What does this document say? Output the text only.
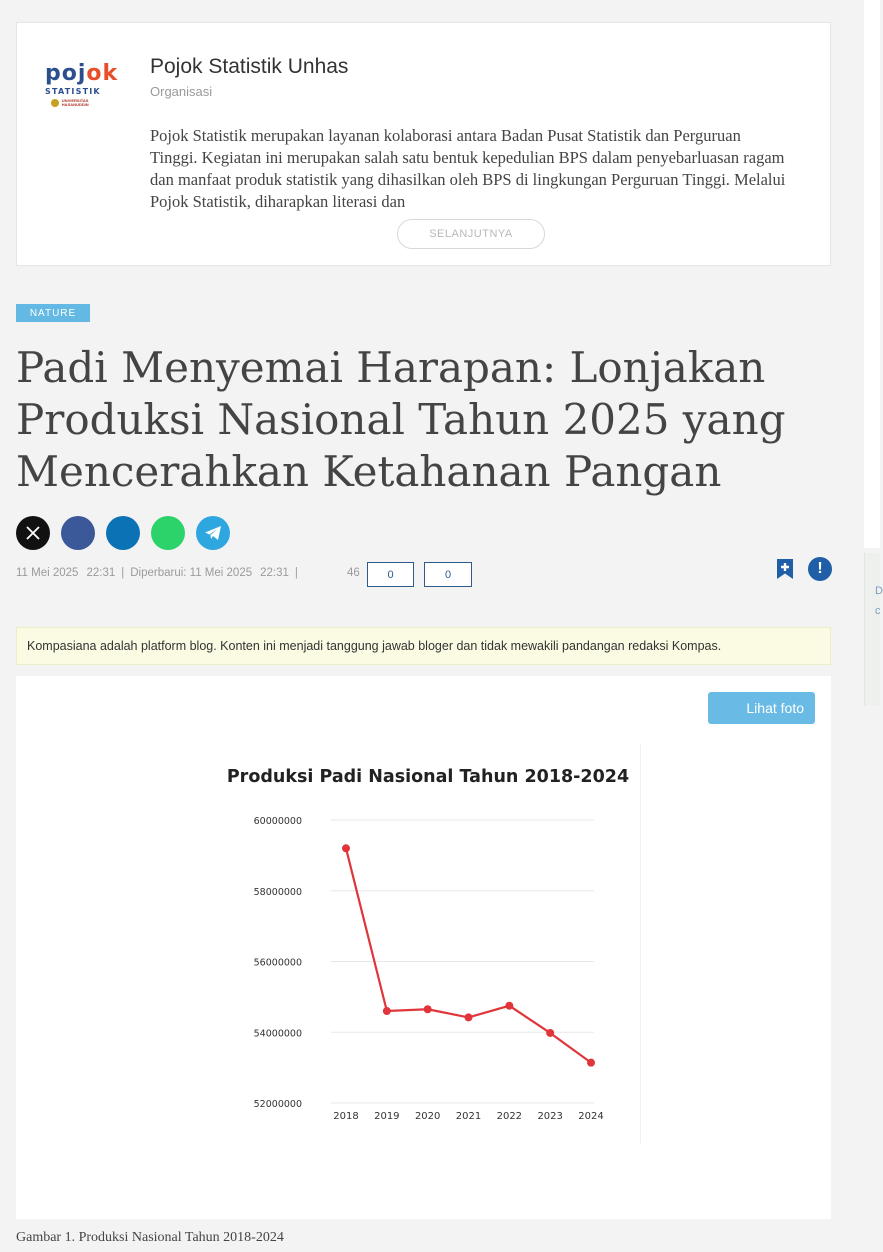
D
c
pojok
STATISTIK
UNIVERSITAS HASANUDDIN
Pojok Statistik Unhas
Organisasi
Pojok Statistik merupakan layanan kolaborasi antara Badan Pusat Statistik dan Perguruan Tinggi. Kegiatan ini merupakan salah satu bentuk kepedulian BPS dalam penyebarluasan ragam dan manfaat produk statistik yang dihasilkan oleh BPS di lingkungan Perguruan Tinggi. Melalui Pojok Statistik, diharapkan literasi dan
SELANJUTNYA
NATURE
Padi Menyemai Harapan: Lonjakan Produksi Nasional Tahun 2025 yang Mencerahkan Ketahanan Pangan
11 Mei 2025 22:31 | Diperbarui: 11 Mei 2025 22:31 |	46	0	0	!
Kompasiana adalah platform blog. Konten ini menjadi tanggung jawab bloger dan tidak mewakili pandangan redaksi Kompas.
Lihat foto
Produksi Padi Nasional Tahun 2018-2024
60000000
58000000
56000000
54000000
52000000
2018 2019 2020 2021 2022 2023 2024
Gambar 1. Produksi Nasional Tahun 2018-2024
